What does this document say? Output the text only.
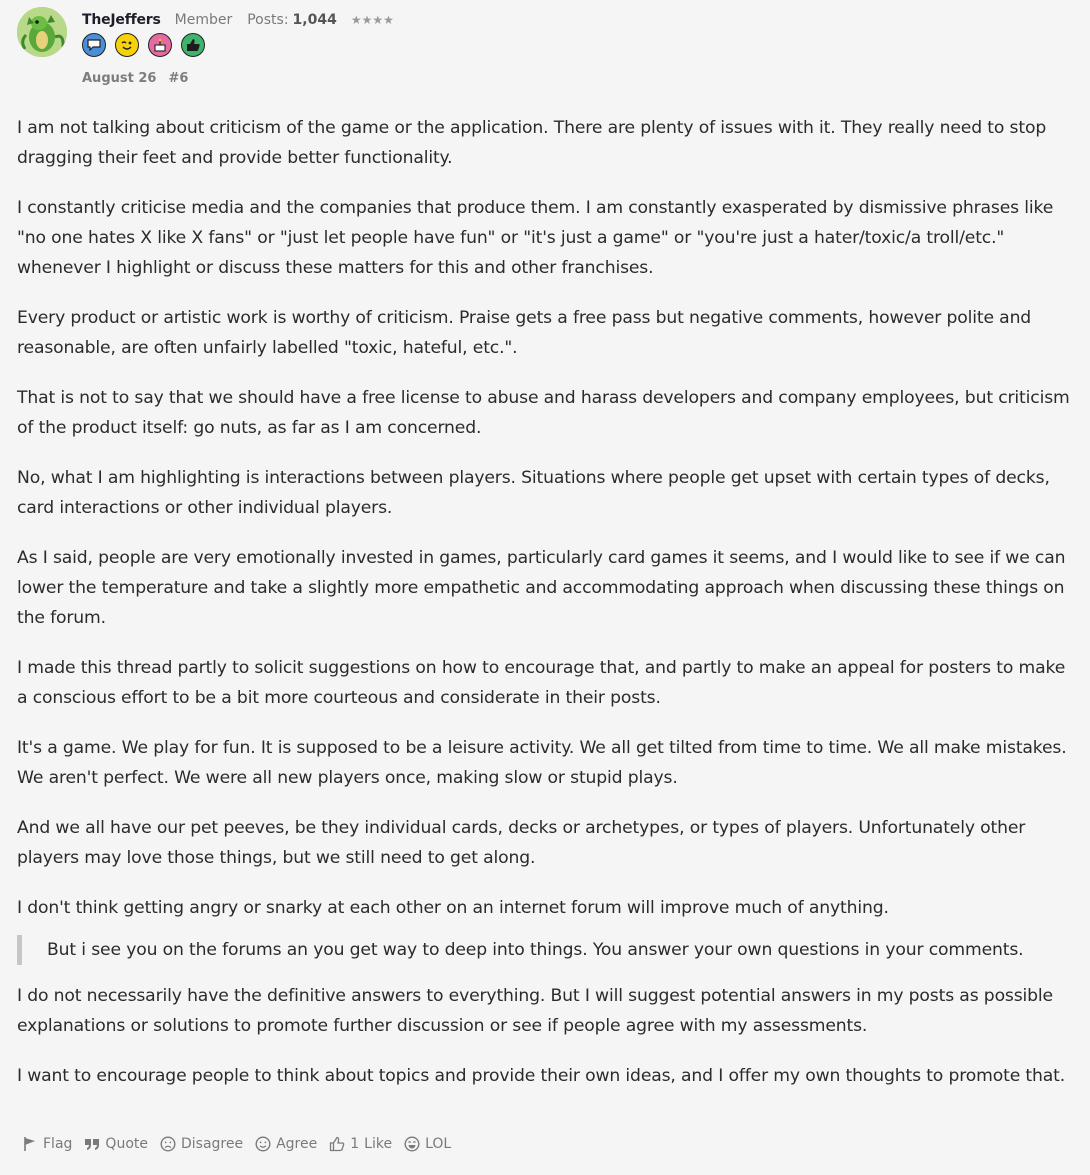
TheJeffers Member Posts: 1,044 ★★★★
August 26 #6

I am not talking about criticism of the game or the application. There are plenty of issues with it. They really need to stop dragging their feet and provide better functionality.

I constantly criticise media and the companies that produce them. I am constantly exasperated by dismissive phrases like "no one hates X like X fans" or "just let people have fun" or "it's just a game" or "you're just a hater/toxic/a troll/etc." whenever I highlight or discuss these matters for this and other franchises.

Every product or artistic work is worthy of criticism. Praise gets a free pass but negative comments, however polite and reasonable, are often unfairly labelled "toxic, hateful, etc.".

That is not to say that we should have a free license to abuse and harass developers and company employees, but criticism of the product itself: go nuts, as far as I am concerned.

No, what I am highlighting is interactions between players. Situations where people get upset with certain types of decks, card interactions or other individual players.

As I said, people are very emotionally invested in games, particularly card games it seems, and I would like to see if we can lower the temperature and take a slightly more empathetic and accommodating approach when discussing these things on the forum.

I made this thread partly to solicit suggestions on how to encourage that, and partly to make an appeal for posters to make a conscious effort to be a bit more courteous and considerate in their posts.

It's a game. We play for fun. It is supposed to be a leisure activity. We all get tilted from time to time. We all make mistakes. We aren't perfect. We were all new players once, making slow or stupid plays.

And we all have our pet peeves, be they individual cards, decks or archetypes, or types of players. Unfortunately other players may love those things, but we still need to get along.

I don't think getting angry or snarky at each other on an internet forum will improve much of anything.

But i see you on the forums an you get way to deep into things. You answer your own questions in your comments.

I do not necessarily have the definitive answers to everything. But I will suggest potential answers in my posts as possible explanations or solutions to promote further discussion or see if people agree with my assessments.

I want to encourage people to think about topics and provide their own ideas, and I offer my own thoughts to promote that.

Flag Quote Disagree Agree 1 Like LOL
